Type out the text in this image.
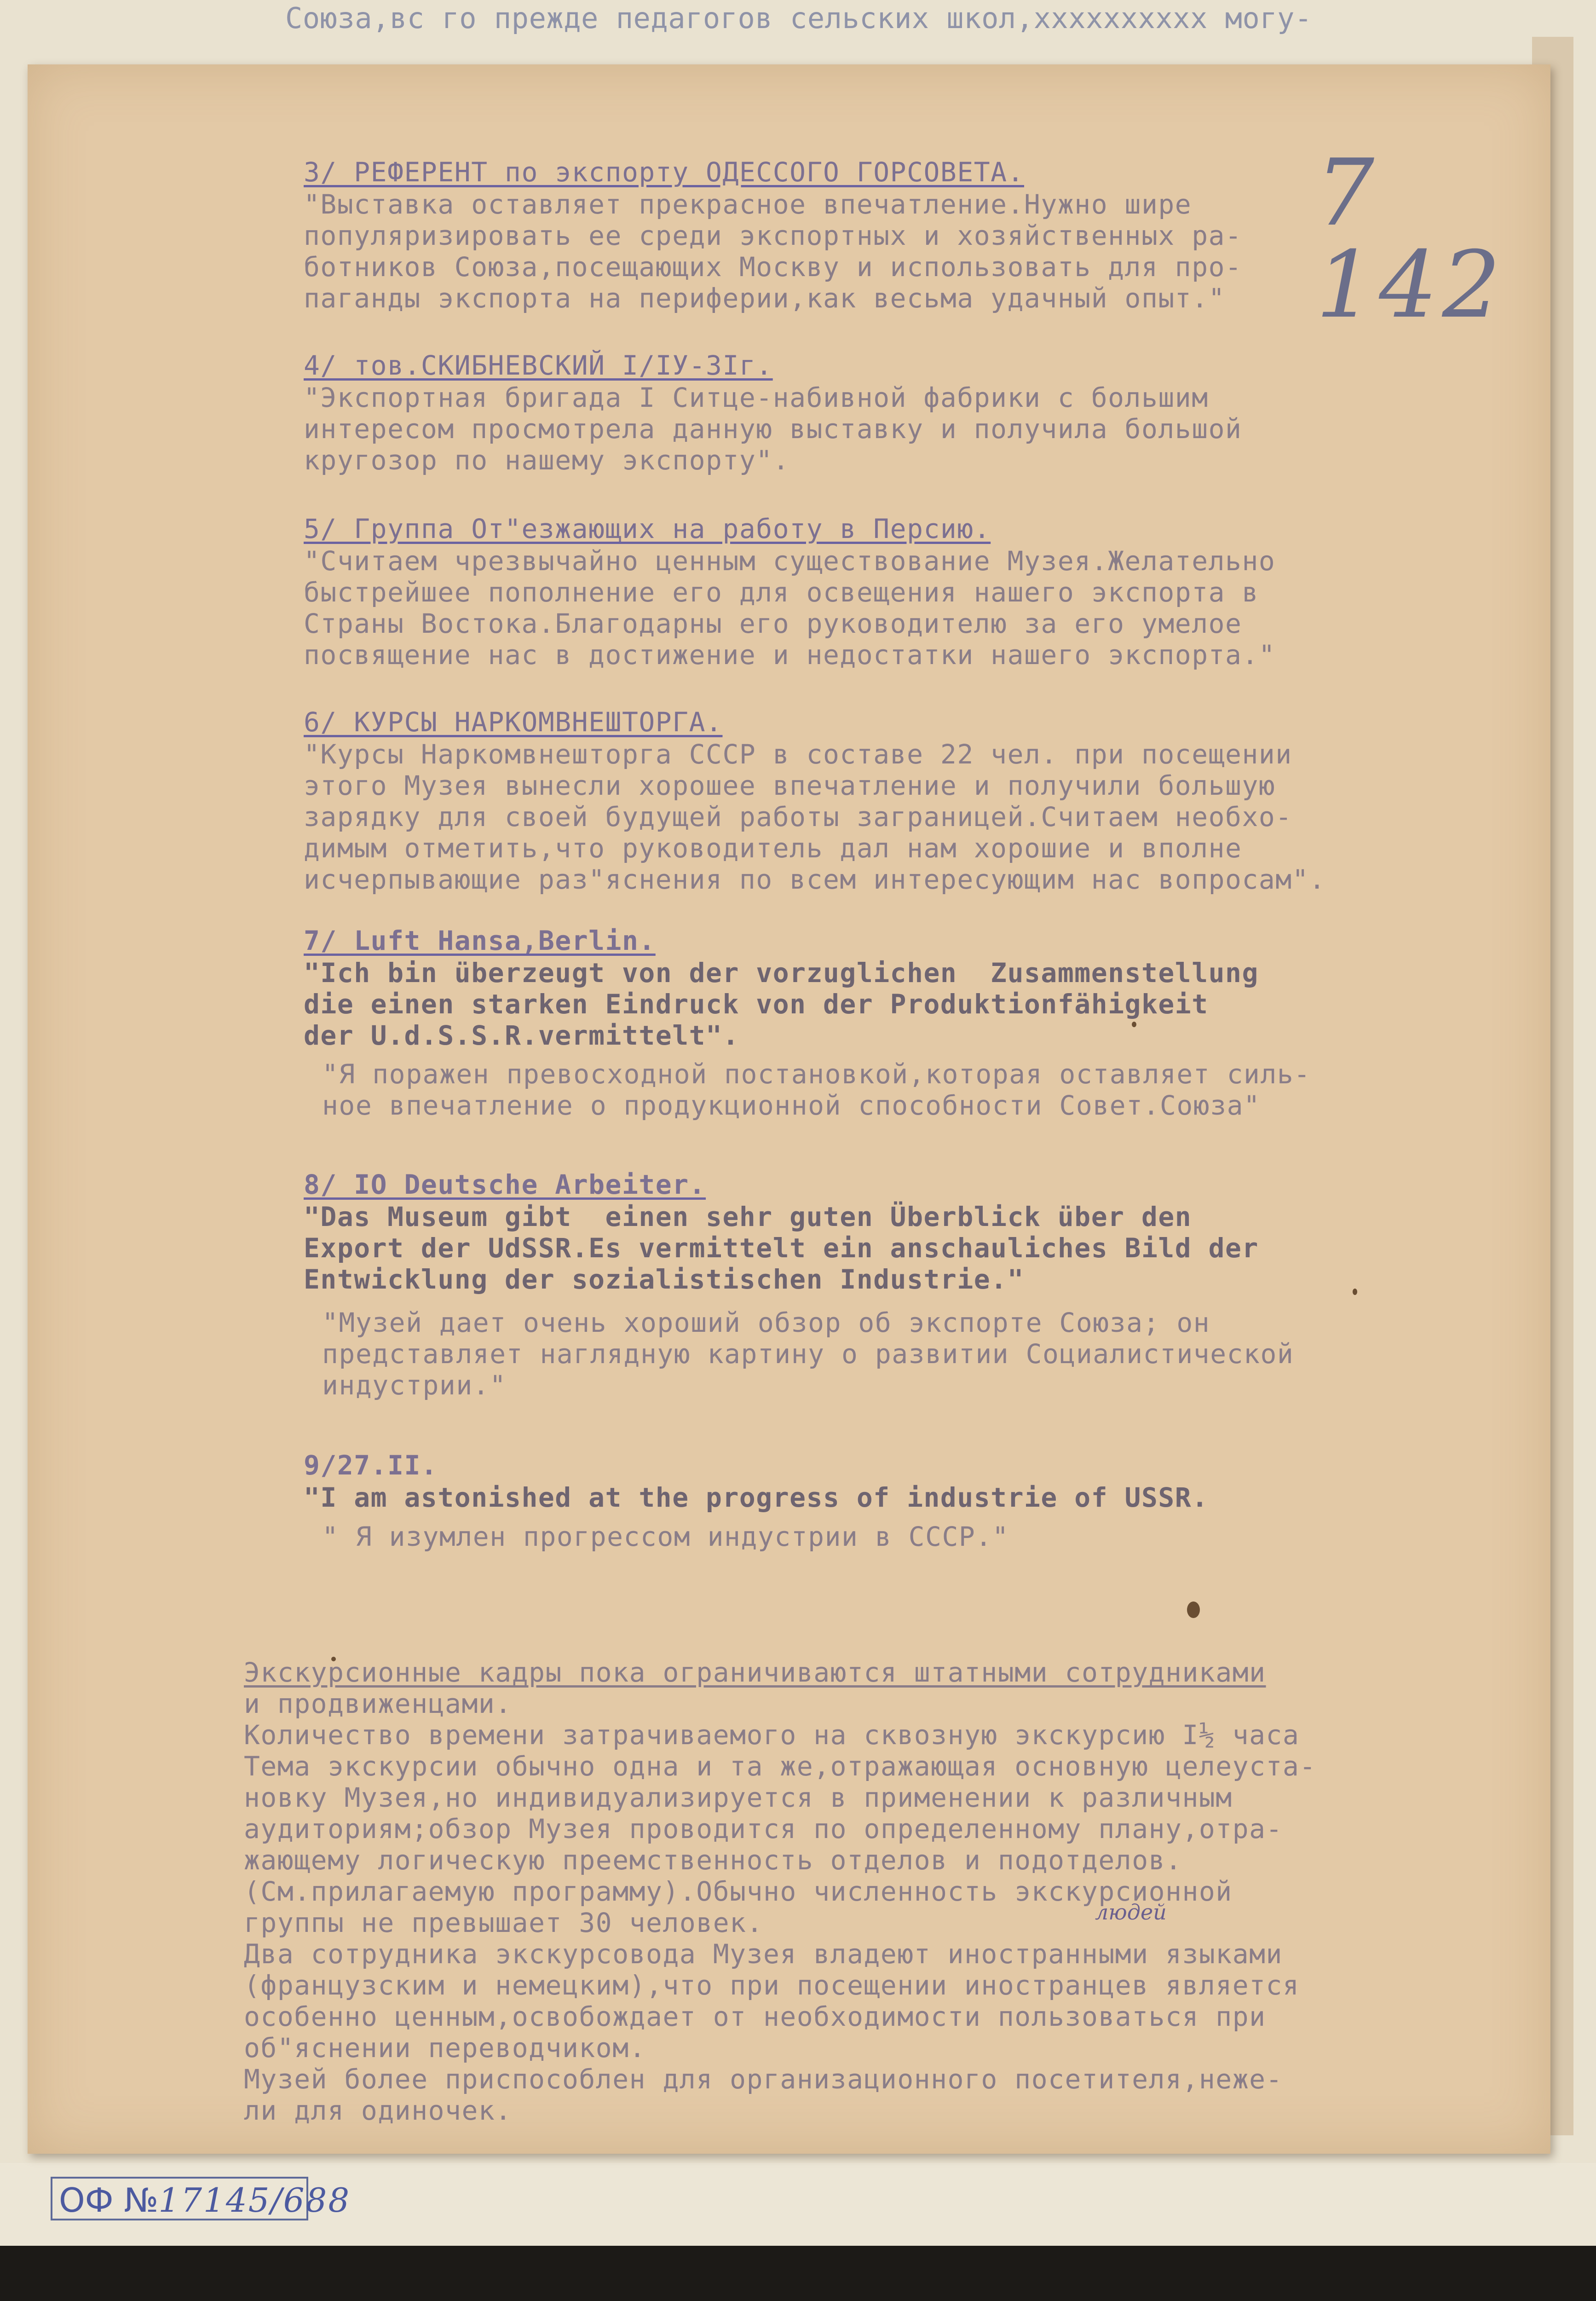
Союза,вс го прежде педагогов сельских школ,xxxxxxxxxx могу-
ОФ №17145/688
7 142
3/ РЕФЕРЕНТ по экспорту ОДЕССОГО ГОРСОВЕТА.
"Выставка оставляет прекрасное впечатление.Нужно шире
популяризировать ее среди экспортных и хозяйственных ра-
ботников Союза,посещающих Москву и использовать для про-
паганды экспорта на периферии,как весьма удачный опыт."
4/ тов.СКИБНЕВСКИЙ I/IУ-3Iг.
"Экспортная бригада I Ситце-набивной фабрики с большим
интересом просмотрела данную выставку и получила большой
кругозор по нашему экспорту".
5/ Группа От"езжающих на работу в Персию.
"Считаем чрезвычайно ценным существование Музея.Желательно
быстрейшее пополнение его для освещения нашего экспорта в
Страны Востока.Благодарны его руководителю за его умелое
посвящение нас в достижение и недостатки нашего экспорта."
6/ КУРСЫ НАРКОМВНЕШТОРГА.
"Курсы Наркомвнешторга СССР в составе 22 чел. при посещении
этого Музея вынесли хорошее впечатление и получили большую
зарядку для своей будущей работы заграницей.Считаем необхо-
димым отметить,что руководитель дал нам хорошие и вполне
исчерпывающие раз"яснения по всем интересующим нас вопросам".
7/ Luft Hansa,Berlin.
"Ich bin überzeugt von der vorzuglichen  Zusammenstellung
die einen starken Eindruck von der Produktionfähigkeit
der U.d.S.S.R.vermittelt".
"Я поражен превосходной постановкой,которая оставляет силь-
ное впечатление о продукционной способности Совет.Союза"
8/ IO Deutsche Arbeiter.
"Das Museum gibt  einen sehr guten Überblick über den
Export der UdSSR.Es vermittelt ein anschauliches Bild der
Entwicklung der sozialistischen Industrie."
"Музей дает очень хороший обзор об экспорте Союза; он
представляет наглядную картину о развитии Социалистической
индустрии."
9/27.II.
"I am astonished at the progress of industrie of USSR.
" Я изумлен прогрессом индустрии в СССР."
Экскурсионные кадры пока ограничиваются штатными сотрудниками
и продвиженцами.
Количество времени затрачиваемого на сквозную экскурсию I½ часа
Тема экскурсии обычно одна и та же,отражающая основную целеуста-
новку Музея,но индивидуализируется в применении к различным
аудиториям;обзор Музея проводится по определенному плану,отра-
жающему логическую преемственность отделов и подотделов.
(См.прилагаемую программу).Обычно численность экскурсионной
группы не превышает 30 человек.	людей
Два сотрудника экскурсовода Музея владеют иностранными языками
(французским и немецким),что при посещении иностранцев является
особенно ценным,освобождает от необходимости пользоваться при
об"яснении переводчиком.
Музей более приспособлен для организационного посетителя,неже-
ли для одиночек.
